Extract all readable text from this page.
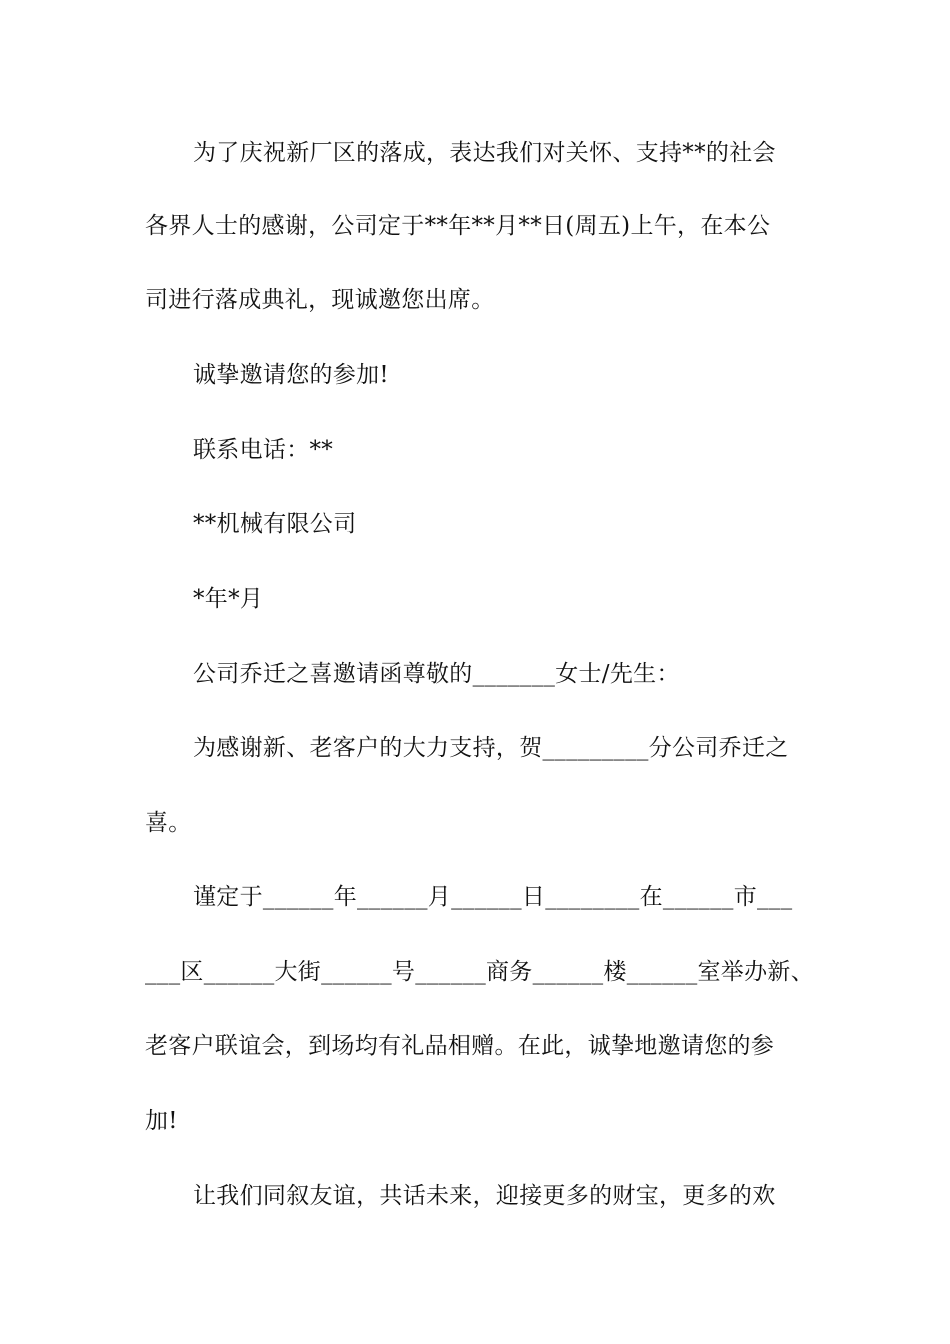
为了庆祝新厂区的落成，表达我们对关怀、支持**的社会
各界人士的感谢，公司定于**年**月**日(周五)上午，在本公
司进行落成典礼，现诚邀您出席。
诚挚邀请您的参加!
联系电话：**
**机械有限公司
*年*月
公司乔迁之喜邀请函尊敬的_______女士/先生：
为感谢新、老客户的大力支持，贺_________分公司乔迁之
喜。
谨定于______年______月______日________在______市___
___区______大街______号______商务______楼______室举办新、
老客户联谊会，到场均有礼品相赠。在此，诚挚地邀请您的参
加!
让我们同叙友谊，共话未来，迎接更多的财宝，更多的欢
